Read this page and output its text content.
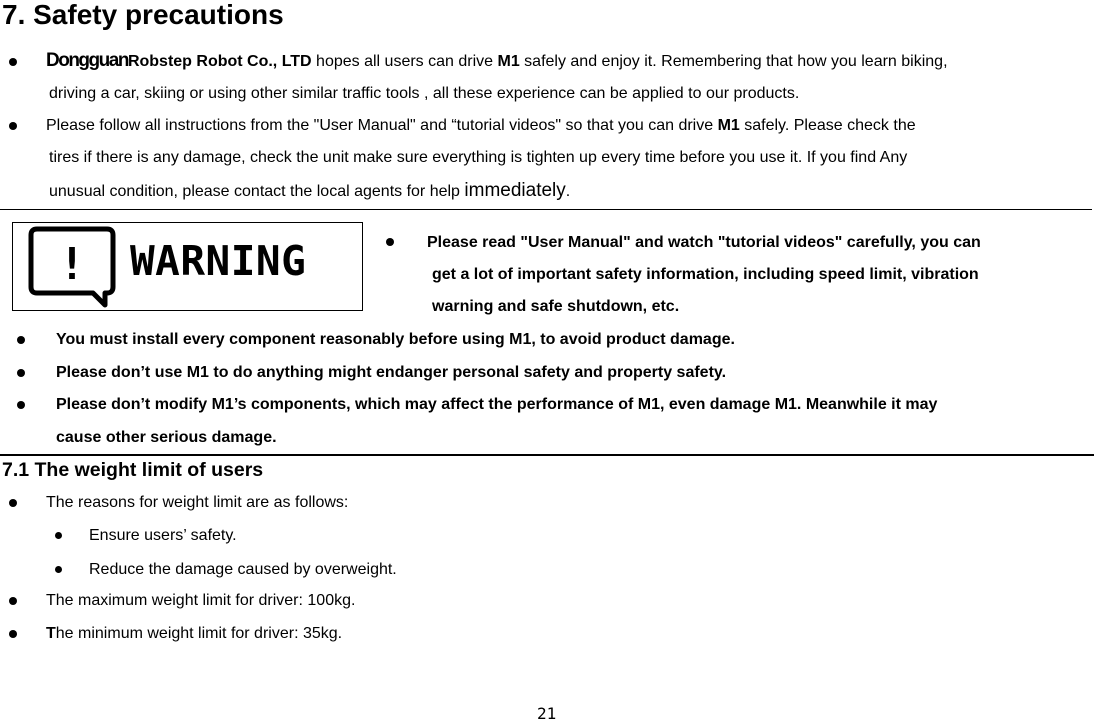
7. Safety precautions
DongguanRobstep Robot Co., LTD hopes all users can drive M1 safely and enjoy it. Remembering that how you learn biking,
driving a car, skiing or using other similar traffic tools , all these experience can be applied to our products.
Please follow all instructions from the "User Manual" and “tutorial videos" so that you can drive M1 safely. Please check the
tires if there is any damage, check the unit make sure everything is tighten up every time before you use it. If you find Any
unusual condition, please contact the local agents for help immediately.
! WARNING	Please read "User Manual" and watch "tutorial videos" carefully, you can
get a lot of important safety information, including speed limit, vibration
warning and safe shutdown, etc.
You must install every component reasonably before using M1, to avoid product damage.
Please don’t use M1 to do anything might endanger personal safety and property safety.
Please don’t modify M1’s components, which may affect the performance of M1, even damage M1. Meanwhile it may
cause other serious damage.
7.1 The weight limit of users
The reasons for weight limit are as follows:
Ensure users’ safety.
Reduce the damage caused by overweight.
The maximum weight limit for driver: 100kg.
The minimum weight limit for driver: 35kg.
21
